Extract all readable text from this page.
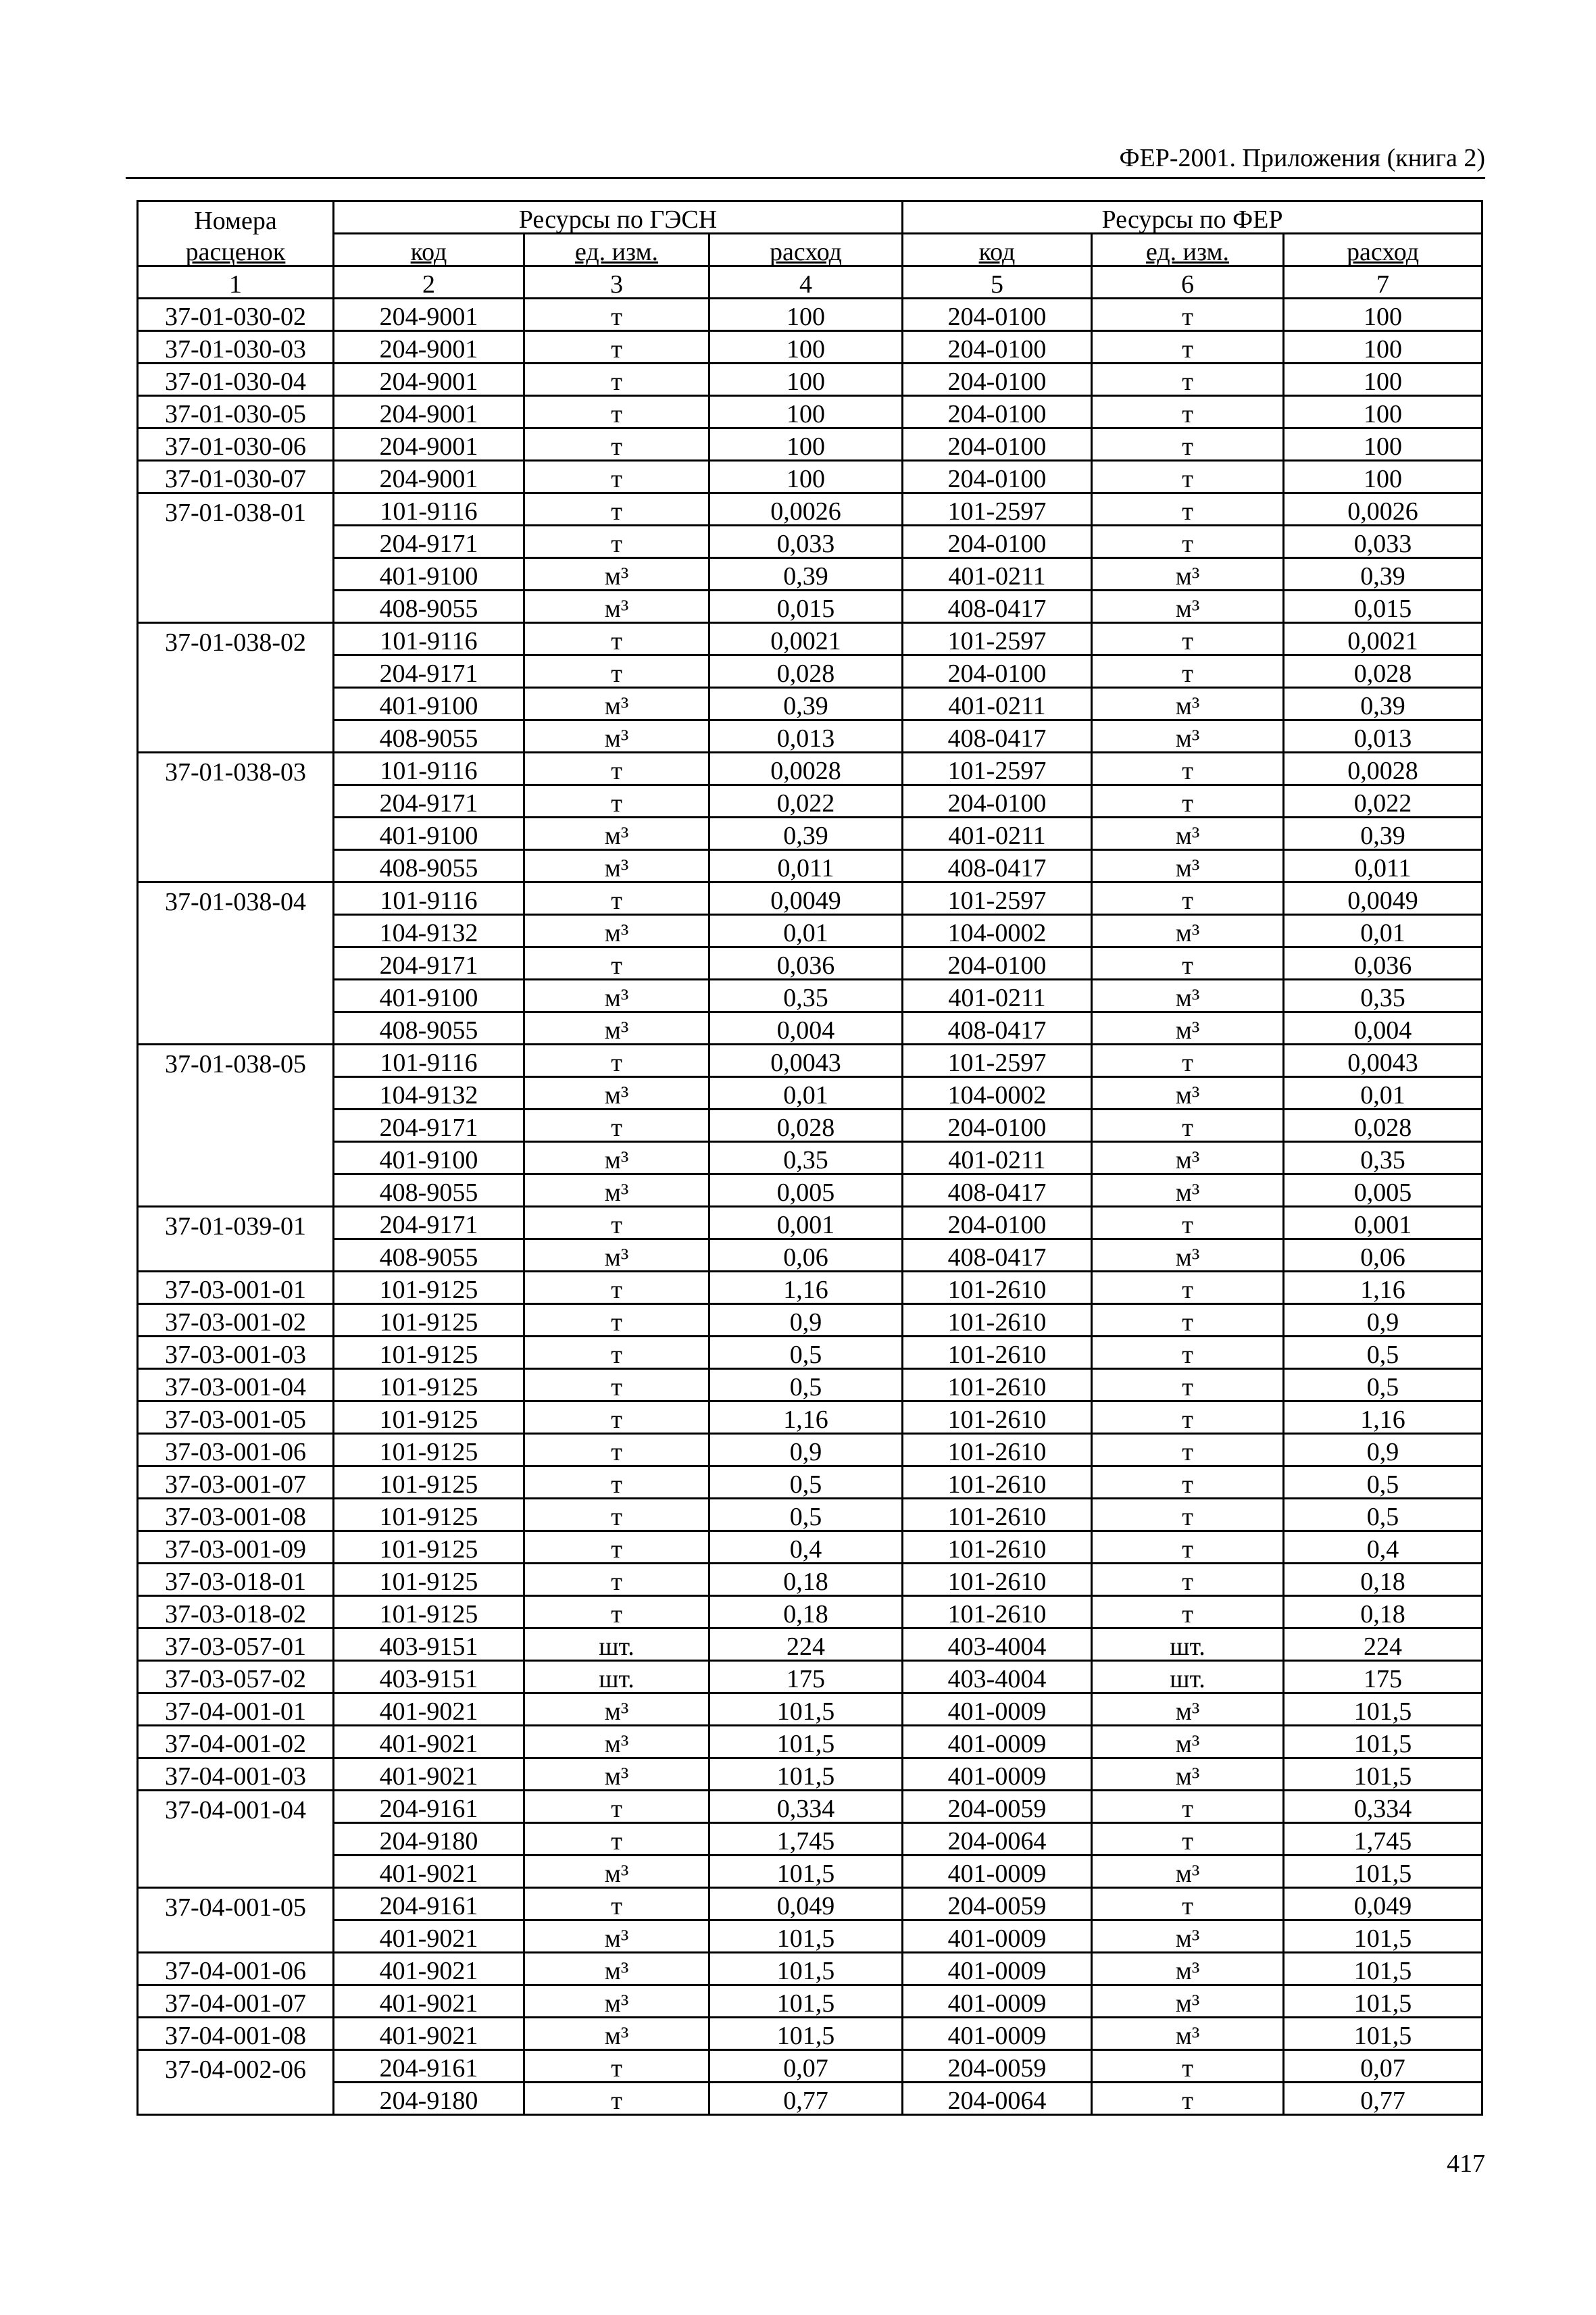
ФЕР-2001. Приложения (книга 2)
Номера	Ресурсы по ГЭСН			Ресурсы по ФЕР		
расценок	код	ед. изм.	расход	код	ед. изм.	расход
1	2	3	4	5	6	7
37-01-030-02	204-9001	т	100	204-0100	т	100
37-01-030-03	204-9001	т	100	204-0100	т	100
37-01-030-04	204-9001	т	100	204-0100	т	100
37-01-030-05	204-9001	т	100	204-0100	т	100
37-01-030-06	204-9001	т	100	204-0100	т	100
37-01-030-07	204-9001	т	100	204-0100	т	100
37-01-038-01	101-9116	т	0,0026	101-2597	т	0,0026
	204-9171	т	0,033	204-0100	т	0,033
	401-9100	м³	0,39	401-0211	м³	0,39
	408-9055	м³	0,015	408-0417	м³	0,015
37-01-038-02	101-9116	т	0,0021	101-2597	т	0,0021
	204-9171	т	0,028	204-0100	т	0,028
	401-9100	м³	0,39	401-0211	м³	0,39
	408-9055	м³	0,013	408-0417	м³	0,013
37-01-038-03	101-9116	т	0,0028	101-2597	т	0,0028
	204-9171	т	0,022	204-0100	т	0,022
	401-9100	м³	0,39	401-0211	м³	0,39
	408-9055	м³	0,011	408-0417	м³	0,011
37-01-038-04	101-9116	т	0,0049	101-2597	т	0,0049
	104-9132	м³	0,01	104-0002	м³	0,01
	204-9171	т	0,036	204-0100	т	0,036
	401-9100	м³	0,35	401-0211	м³	0,35
	408-9055	м³	0,004	408-0417	м³	0,004
37-01-038-05	101-9116	т	0,0043	101-2597	т	0,0043
	104-9132	м³	0,01	104-0002	м³	0,01
	204-9171	т	0,028	204-0100	т	0,028
	401-9100	м³	0,35	401-0211	м³	0,35
	408-9055	м³	0,005	408-0417	м³	0,005
37-01-039-01	204-9171	т	0,001	204-0100	т	0,001
	408-9055	м³	0,06	408-0417	м³	0,06
37-03-001-01	101-9125	т	1,16	101-2610	т	1,16
37-03-001-02	101-9125	т	0,9	101-2610	т	0,9
37-03-001-03	101-9125	т	0,5	101-2610	т	0,5
37-03-001-04	101-9125	т	0,5	101-2610	т	0,5
37-03-001-05	101-9125	т	1,16	101-2610	т	1,16
37-03-001-06	101-9125	т	0,9	101-2610	т	0,9
37-03-001-07	101-9125	т	0,5	101-2610	т	0,5
37-03-001-08	101-9125	т	0,5	101-2610	т	0,5
37-03-001-09	101-9125	т	0,4	101-2610	т	0,4
37-03-018-01	101-9125	т	0,18	101-2610	т	0,18
37-03-018-02	101-9125	т	0,18	101-2610	т	0,18
37-03-057-01	403-9151	шт.	224	403-4004	шт.	224
37-03-057-02	403-9151	шт.	175	403-4004	шт.	175
37-04-001-01	401-9021	м³	101,5	401-0009	м³	101,5
37-04-001-02	401-9021	м³	101,5	401-0009	м³	101,5
37-04-001-03	401-9021	м³	101,5	401-0009	м³	101,5
37-04-001-04	204-9161	т	0,334	204-0059	т	0,334
	204-9180	т	1,745	204-0064	т	1,745
	401-9021	м³	101,5	401-0009	м³	101,5
37-04-001-05	204-9161	т	0,049	204-0059	т	0,049
	401-9021	м³	101,5	401-0009	м³	101,5
37-04-001-06	401-9021	м³	101,5	401-0009	м³	101,5
37-04-001-07	401-9021	м³	101,5	401-0009	м³	101,5
37-04-001-08	401-9021	м³	101,5	401-0009	м³	101,5
37-04-002-06	204-9161	т	0,07	204-0059	т	0,07
	204-9180	т	0,77	204-0064	т	0,77
417
